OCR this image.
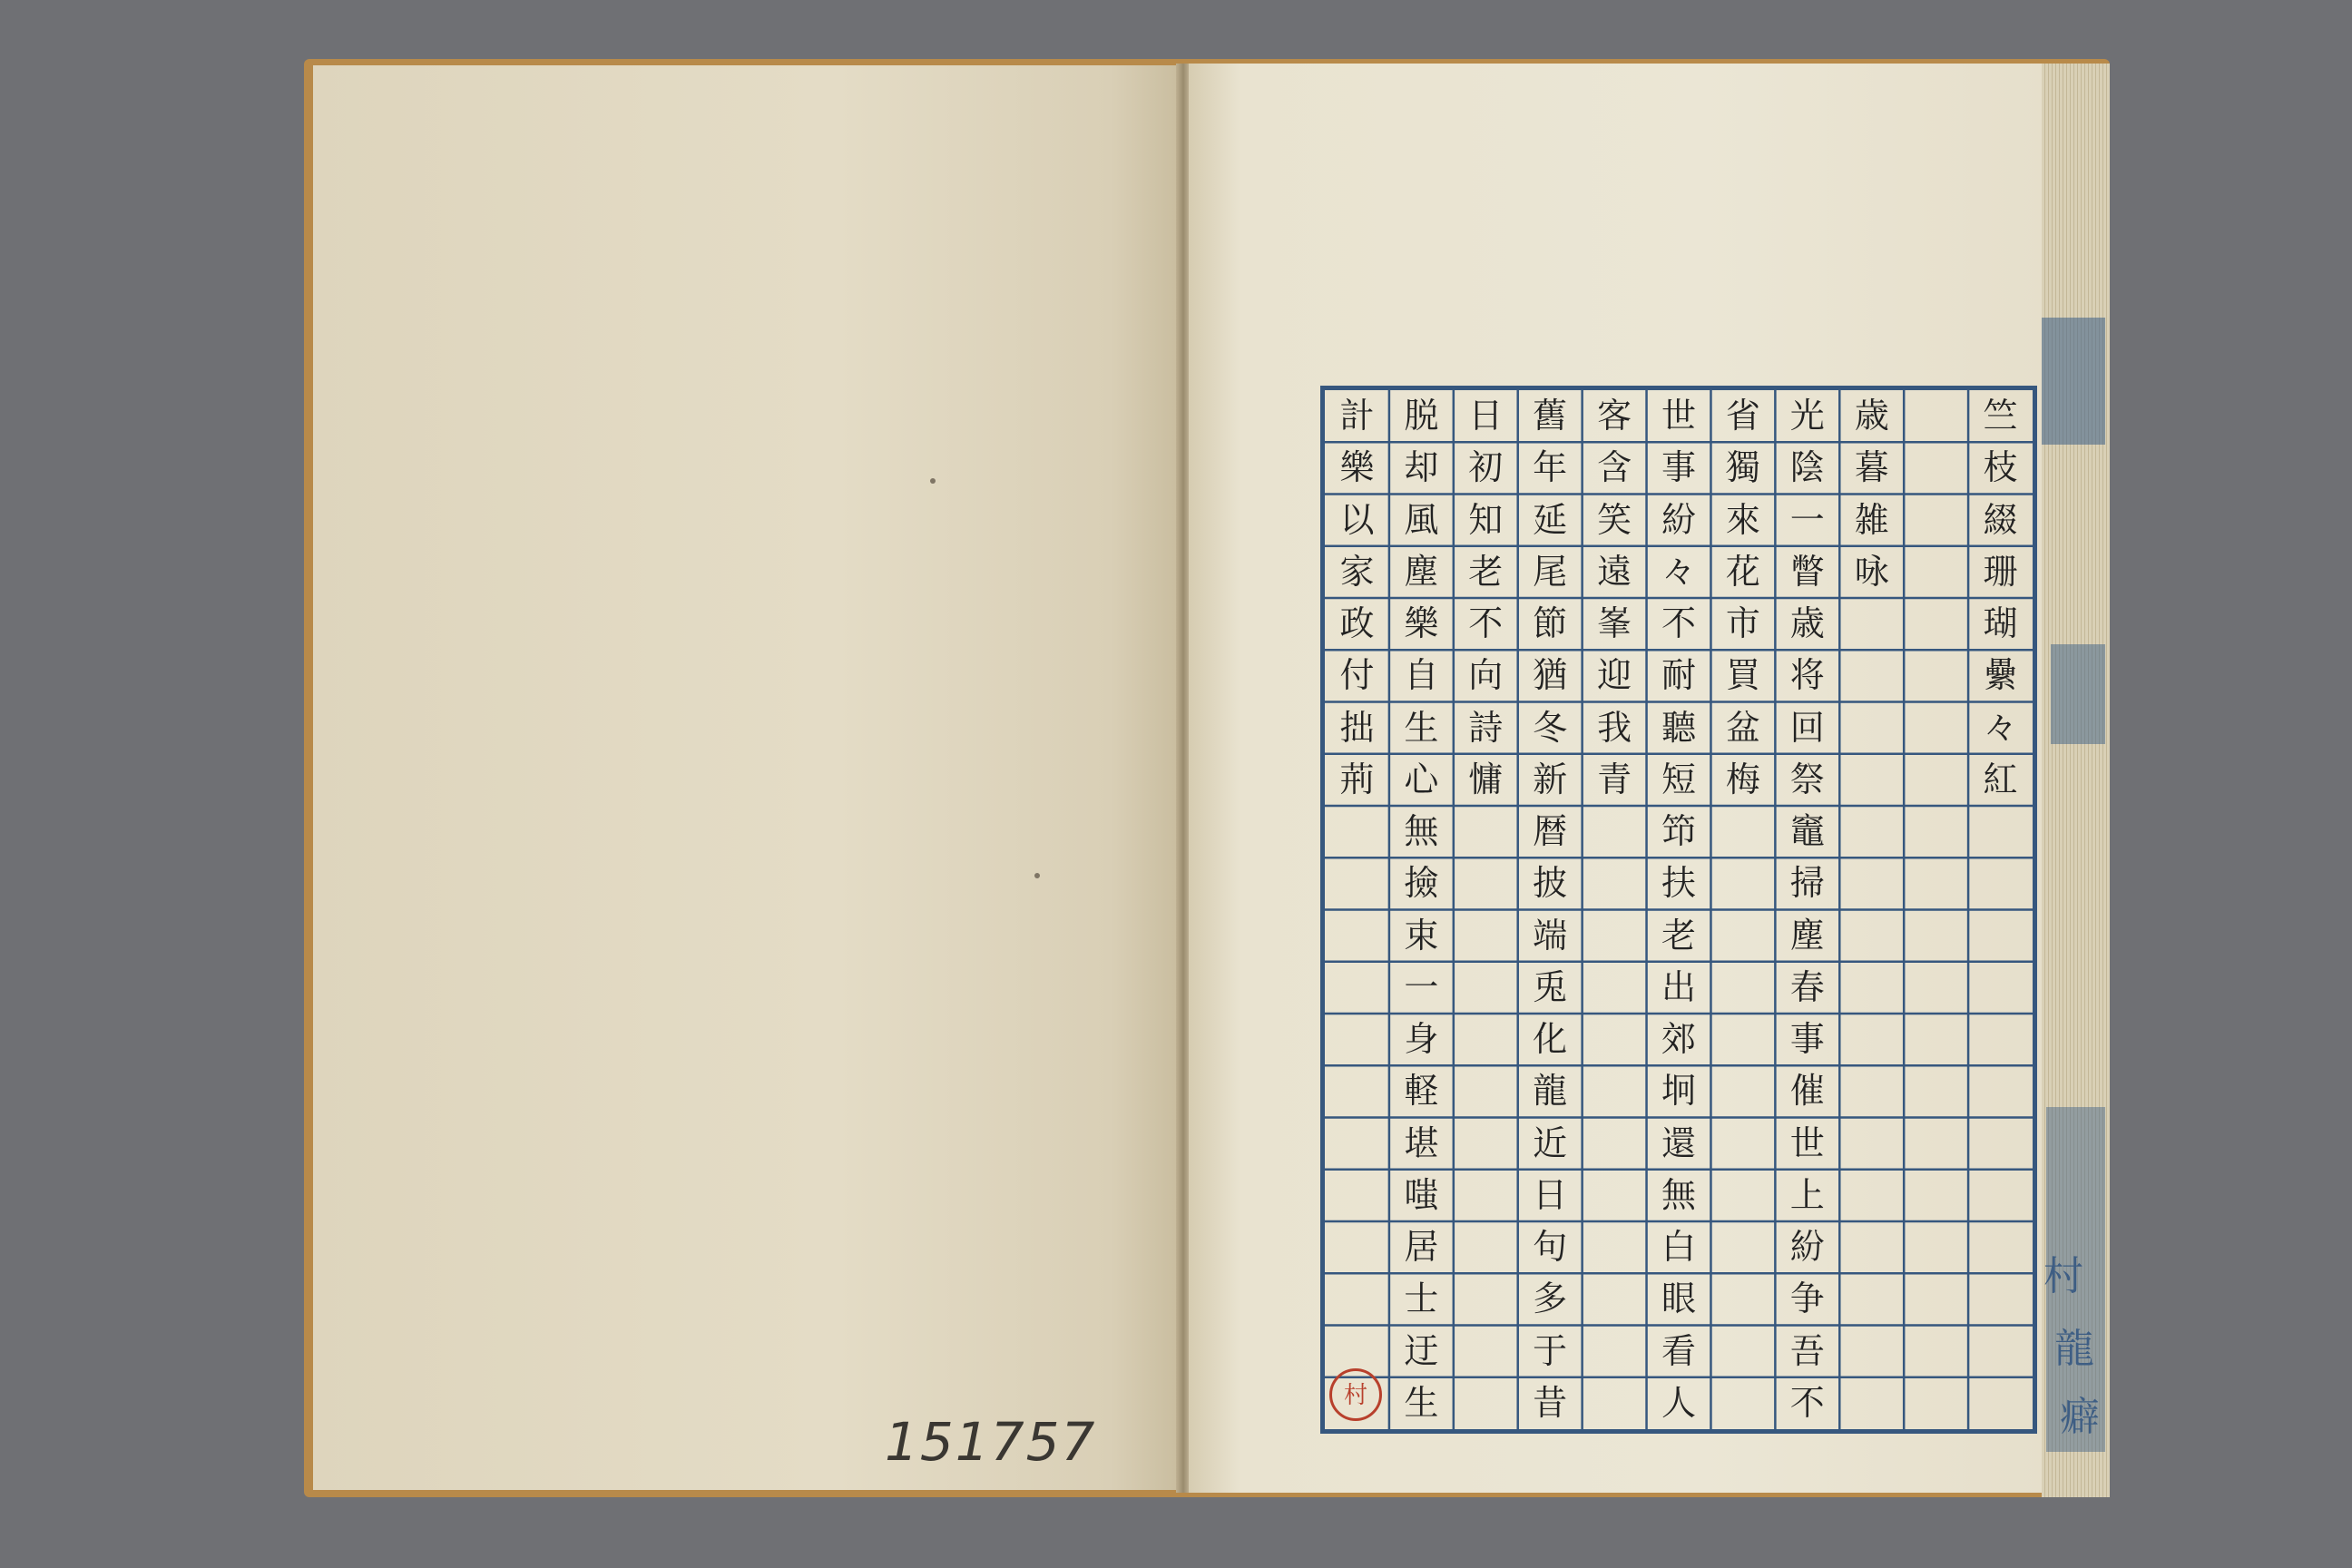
151757
村
龍
癖
竺
枝
綴
珊
瑚
纍
々
紅
歳
暮
雑
咏
光
陰
一
瞥
歳
将
回
祭
竈
掃
塵
春
事
催
世
上
紛
争
吾
不
省
獨
來
花
市
買
盆
梅
世
事
紛
々
不
耐
聽
短
笻
扶
老
出
郊
坰
還
無
白
眼
看
人
客
含
笑
遠
峯
迎
我
青
舊
年
延
尾
節
猶
冬
新
暦
披
端
兎
化
龍
近
日
句
多
于
昔
日
初
知
老
不
向
詩
慵
脱
却
風
塵
樂
自
生
心
無
撿
束
一
身
軽
堪
嗤
居
士
迂
生
計
樂
以
家
政
付
拙
荊
村
